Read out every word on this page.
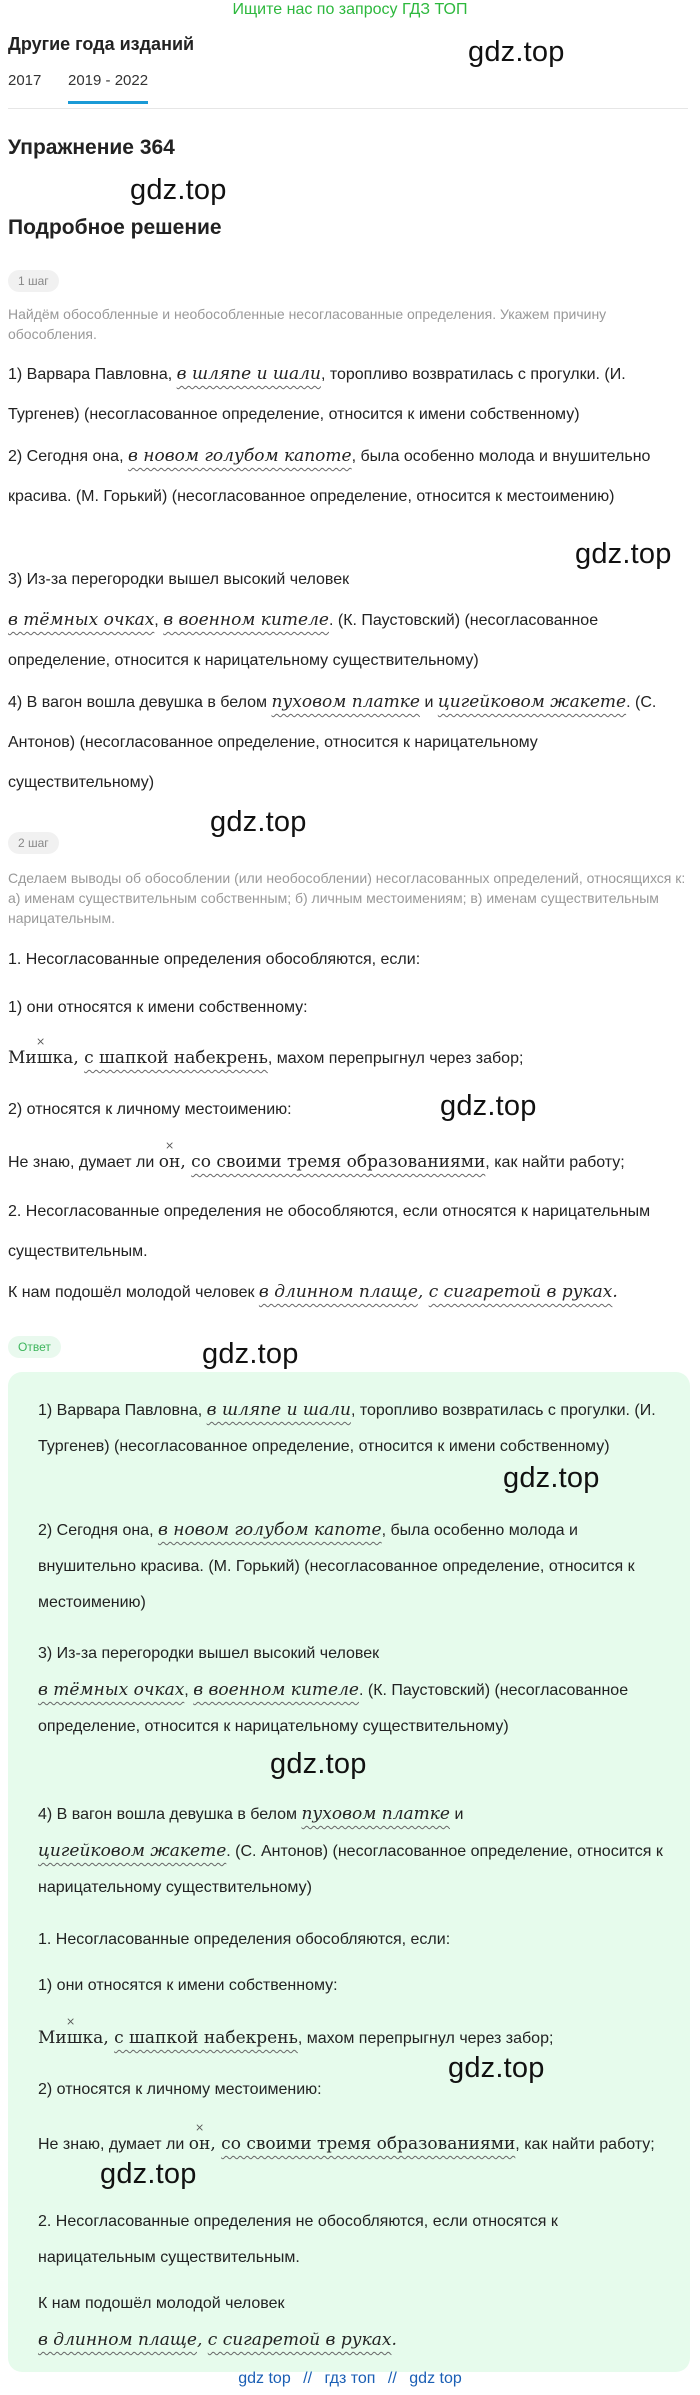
Ищите нас по запросу ГДЗ ТОП
Другие года изданий
2017 2019 - 2022
gdz.top
Упражнение 364
gdz.top
Подробное решение
1 шаг
Найдём обособленные и необособленные несогласованные определения. Укажем причину обособления.
1) Варвара Павловна, в шляпе и шали, торопливо возвратилась с прогулки. (И. Тургенев) (несогласованное определение, относится к имени собственному)
2) Сегодня она, в новом голубом капоте, была особенно молода и внушительно красива. (М. Горький) (несогласованное определение, относится к местоимению)
gdz.top
3) Из-за перегородки вышел высокий человек
в тёмных очках, в военном кителе. (К. Паустовский) (несогласованное определение, относится к нарицательному существительному)
4) В вагон вошла девушка в белом пуховом платке и цигейковом жакете. (С. Антонов) (несогласованное определение, относится к нарицательному существительному)
gdz.top
2 шаг
Сделаем выводы об обособлении (или необособлении) несогласованных определений, относящихся к: а) именам существительным собственным; б) личным местоимениям; в) именам существительным нарицательным.
1. Несогласованные определения обособляются, если:
1) они относятся к имени собственному:
× Мишка, с шапкой набекрень, махом перепрыгнул через забор;
2) относятся к личному местоимению:	gdz.top
Не знаю, думает ли × он, со своими тремя образованиями, как найти работу;
2. Несогласованные определения не обособляются, если относятся к нарицательным существительным.
К нам подошёл молодой человек в длинном плаще, с сигаретой в руках.
Ответ	gdz.top
1) Варвара Павловна, в шляпе и шали, торопливо возвратилась с прогулки. (И. Тургенев) (несогласованное определение, относится к имени собственному)
gdz.top
2) Сегодня она, в новом голубом капоте, была особенно молода и внушительно красива. (М. Горький) (несогласованное определение, относится к местоимению)
3) Из-за перегородки вышел высокий человек
в тёмных очках, в военном кителе. (К. Паустовский) (несогласованное определение, относится к нарицательному существительному)
gdz.top
4) В вагон вошла девушка в белом пуховом платке и
цигейковом жакете. (С. Антонов) (несогласованное определение, относится к нарицательному существительному)
1. Несогласованные определения обособляются, если:
1) они относятся к имени собственному:
× Мишка, с шапкой набекрень, махом перепрыгнул через забор;
gdz.top
2) относятся к личному местоимению:
Не знаю, думает ли × он, со своими тремя образованиями, как найти работу;
gdz.top
2. Несогласованные определения не обособляются, если относятся к нарицательным существительным.
К нам подошёл молодой человек
в длинном плаще, с сигаретой в руках.
gdz top // гдз топ // gdz top
